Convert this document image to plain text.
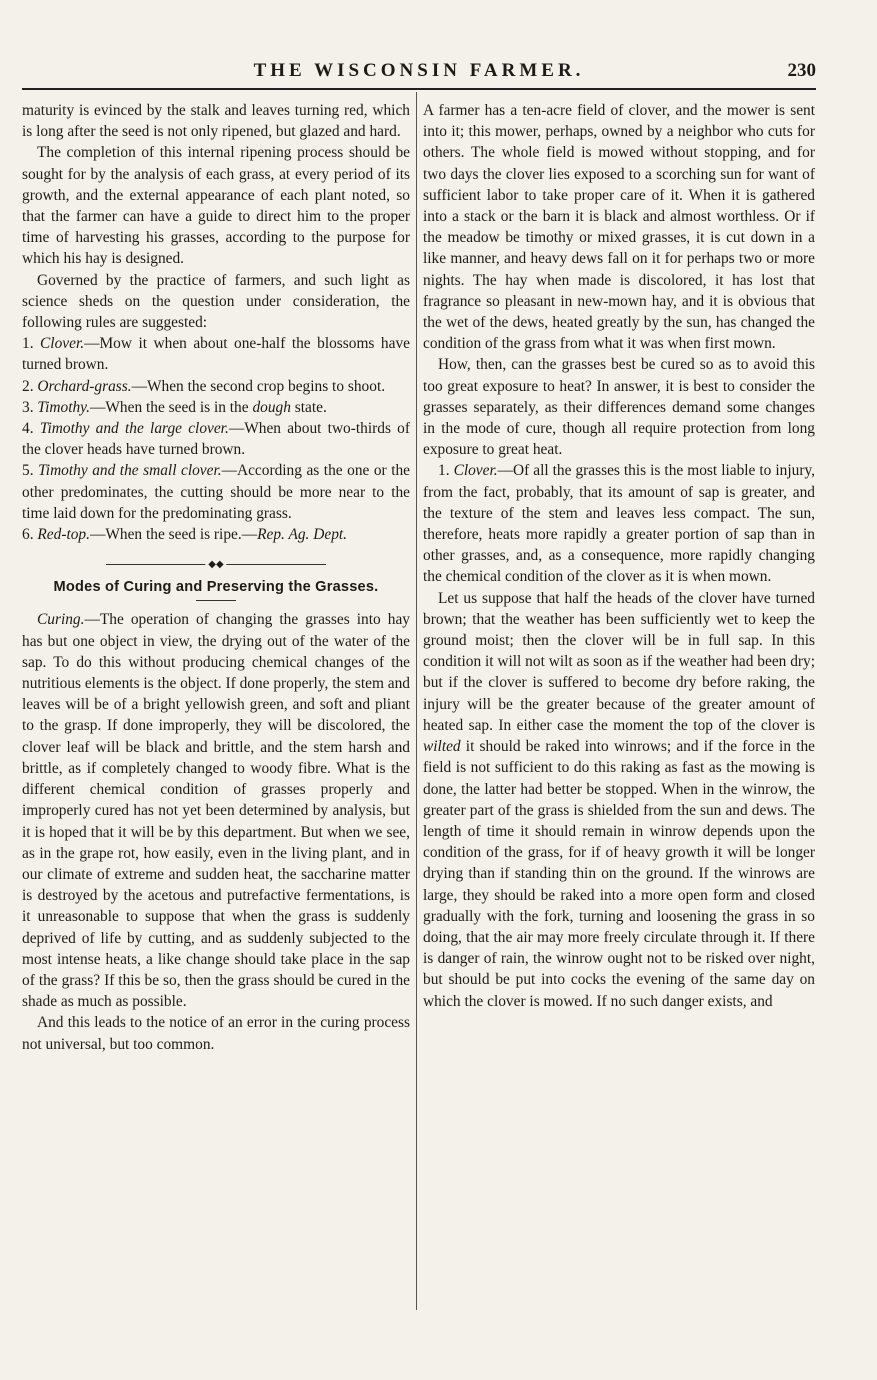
THE WISCONSIN FARMER.	230

maturity is evinced by the stalk and leaves turning red, which is long after the seed is not only ripened, but glazed and hard.

The completion of this internal ripening process should be sought for by the analysis of each grass, at every period of its growth, and the external appearance of each plant noted, so that the farmer can have a guide to direct him to the proper time of harvesting his grasses, according to the purpose for which his hay is designed.

Governed by the practice of farmers, and such light as science sheds on the question under consideration, the following rules are suggested:

1. Clover.—Mow it when about one-half the blossoms have turned brown.

2. Orchard-grass.—When the second crop begins to shoot.

3. Timothy.—When the seed is in the dough state.

4. Timothy and the large clover.—When about two-thirds of the clover heads have turned brown.

5. Timothy and the small clover.—According as the one or the other predominates, the cutting should be more near to the time laid down for the predominating grass.

6. Red-top.—When the seed is ripe.—Rep. Ag. Dept.

◆◆
Modes of Curing and Preserving the Grasses.

Curing.—The operation of changing the grasses into hay has but one object in view, the drying out of the water of the sap. To do this without producing chemical changes of the nutritious elements is the object. If done properly, the stem and leaves will be of a bright yellowish green, and soft and pliant to the grasp. If done improperly, they will be discolored, the clover leaf will be black and brittle, and the stem harsh and brittle, as if completely changed to woody fibre. What is the different chemical condition of grasses properly and improperly cured has not yet been determined by analysis, but it is hoped that it will be by this department. But when we see, as in the grape rot, how easily, even in the living plant, and in our climate of extreme and sudden heat, the saccharine matter is destroyed by the acetous and putrefactive fermentations, is it unreasonable to suppose that when the grass is suddenly deprived of life by cutting, and as suddenly subjected to the most intense heats, a like change should take place in the sap of the grass? If this be so, then the grass should be cured in the shade as much as possible.

And this leads to the notice of an error in the curing process not universal, but too common.

A farmer has a ten-acre field of clover, and the mower is sent into it; this mower, perhaps, owned by a neighbor who cuts for others. The whole field is mowed without stopping, and for two days the clover lies exposed to a scorching sun for want of sufficient labor to take proper care of it. When it is gathered into a stack or the barn it is black and almost worthless. Or if the meadow be timothy or mixed grasses, it is cut down in a like manner, and heavy dews fall on it for perhaps two or more nights. The hay when made is discolored, it has lost that fragrance so pleasant in new-mown hay, and it is obvious that the wet of the dews, heated greatly by the sun, has changed the condition of the grass from what it was when first mown.

How, then, can the grasses best be cured so as to avoid this too great exposure to heat? In answer, it is best to consider the grasses separately, as their differences demand some changes in the mode of cure, though all require protection from long exposure to great heat.

1. Clover.—Of all the grasses this is the most liable to injury, from the fact, probably, that its amount of sap is greater, and the texture of the stem and leaves less compact. The sun, therefore, heats more rapidly a greater portion of sap than in other grasses, and, as a consequence, more rapidly changing the chemical condition of the clover as it is when mown.

Let us suppose that half the heads of the clover have turned brown; that the weather has been sufficiently wet to keep the ground moist; then the clover will be in full sap. In this condition it will not wilt as soon as if the weather had been dry; but if the clover is suffered to become dry before raking, the injury will be the greater because of the greater amount of heated sap. In either case the moment the top of the clover is wilted it should be raked into winrows; and if the force in the field is not sufficient to do this raking as fast as the mowing is done, the latter had better be stopped. When in the winrow, the greater part of the grass is shielded from the sun and dews. The length of time it should remain in winrow depends upon the condition of the grass, for if of heavy growth it will be longer drying than if standing thin on the ground. If the winrows are large, they should be raked into a more open form and closed gradually with the fork, turning and loosening the grass in so doing, that the air may more freely circulate through it. If there is danger of rain, the winrow ought not to be risked over night, but should be put into cocks the evening of the same day on which the clover is mowed. If no such danger exists, and
